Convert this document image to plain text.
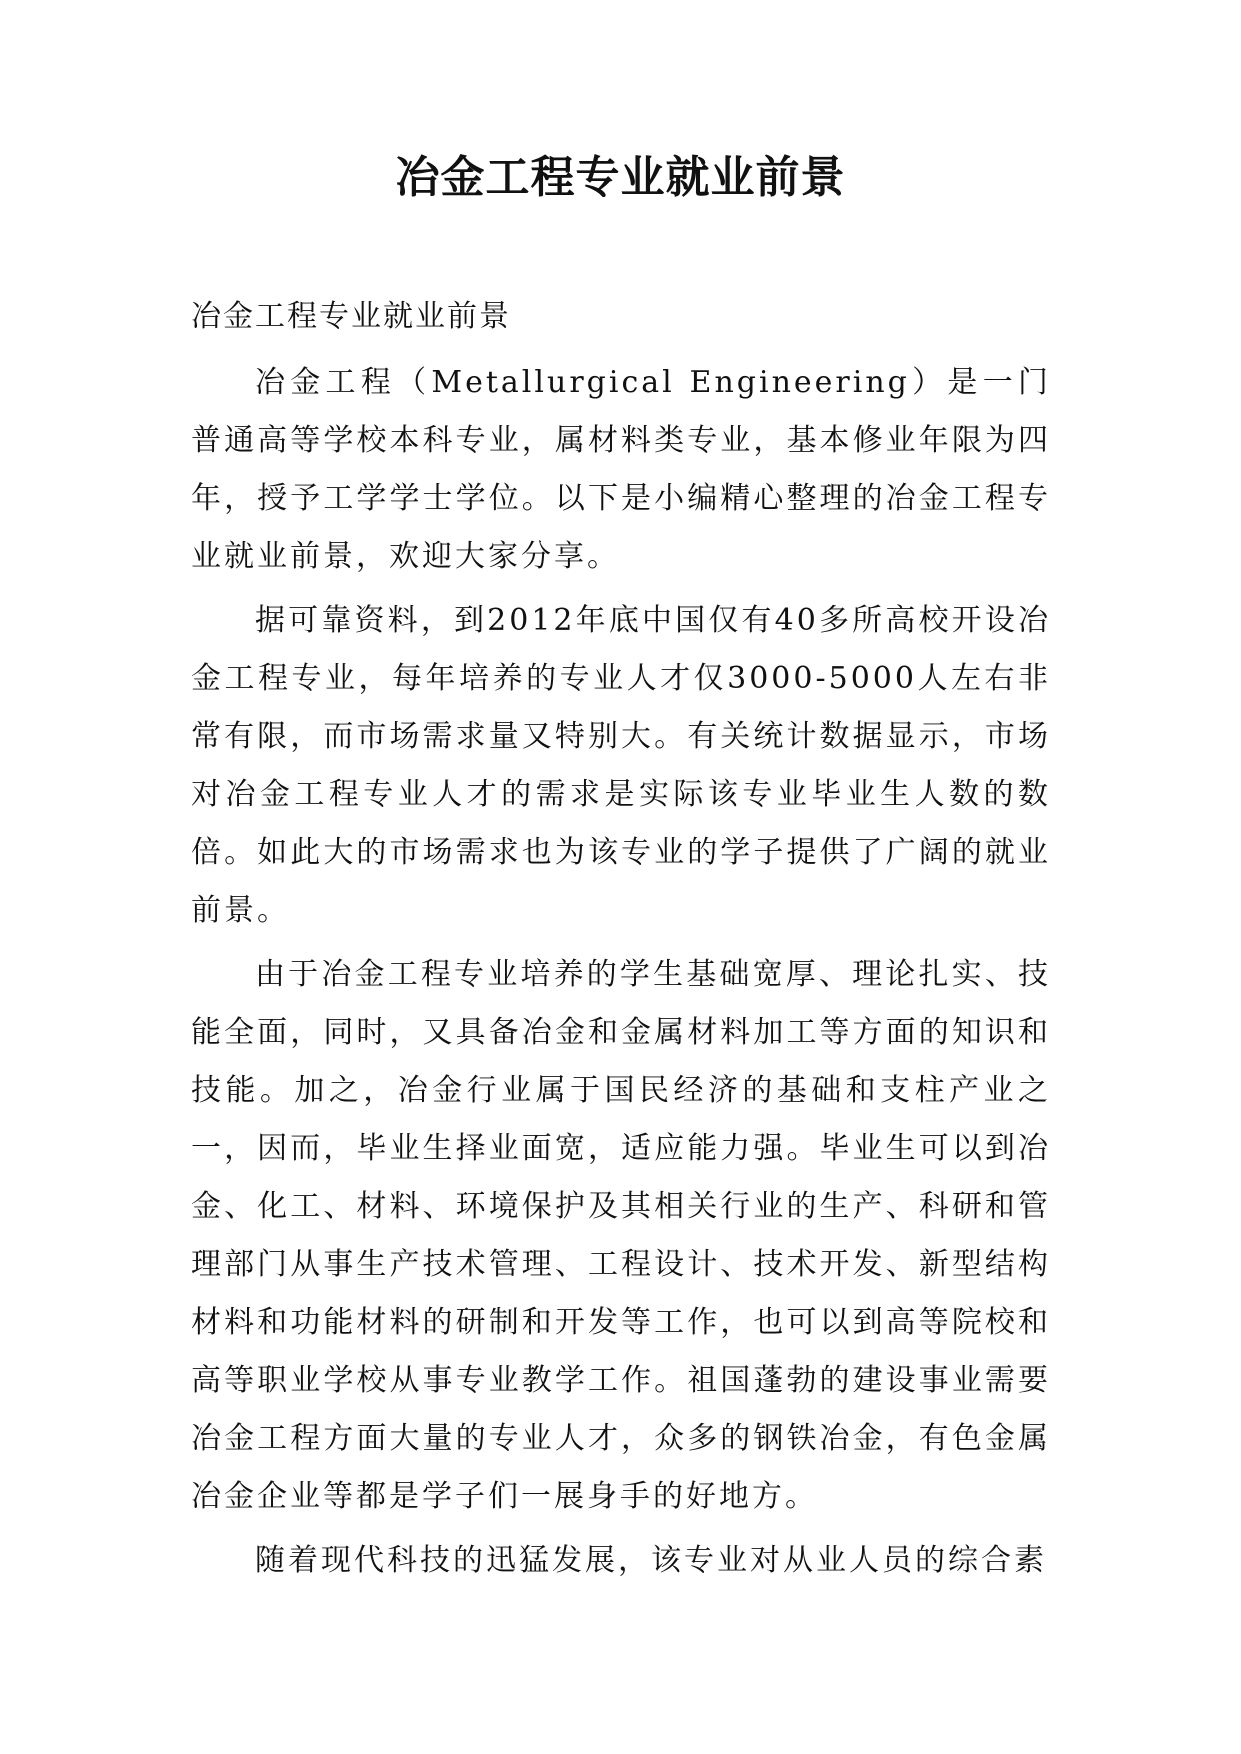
冶金工程专业就业前景

冶金工程专业就业前景

冶金工程（Metallurgical Engineering）是一门普通高等学校本科专业，属材料类专业，基本修业年限为四年，授予工学学士学位。以下是小编精心整理的冶金工程专业就业前景，欢迎大家分享。

据可靠资料，到2012年底中国仅有40多所高校开设冶金工程专业，每年培养的专业人才仅3000-5000人左右非常有限，而市场需求量又特别大。有关统计数据显示，市场对冶金工程专业人才的需求是实际该专业毕业生人数的数倍。如此大的市场需求也为该专业的学子提供了广阔的就业前景。

由于冶金工程专业培养的学生基础宽厚、理论扎实、技能全面，同时，又具备冶金和金属材料加工等方面的知识和技能。加之，冶金行业属于国民经济的基础和支柱产业之一，因而，毕业生择业面宽，适应能力强。毕业生可以到冶金、化工、材料、环境保护及其相关行业的生产、科研和管理部门从事生产技术管理、工程设计、技术开发、新型结构材料和功能材料的研制和开发等工作，也可以到高等院校和高等职业学校从事专业教学工作。祖国蓬勃的建设事业需要冶金工程方面大量的专业人才，众多的钢铁冶金，有色金属冶金企业等都是学子们一展身手的好地方。

随着现代科技的迅猛发展，该专业对从业人员的综合素
